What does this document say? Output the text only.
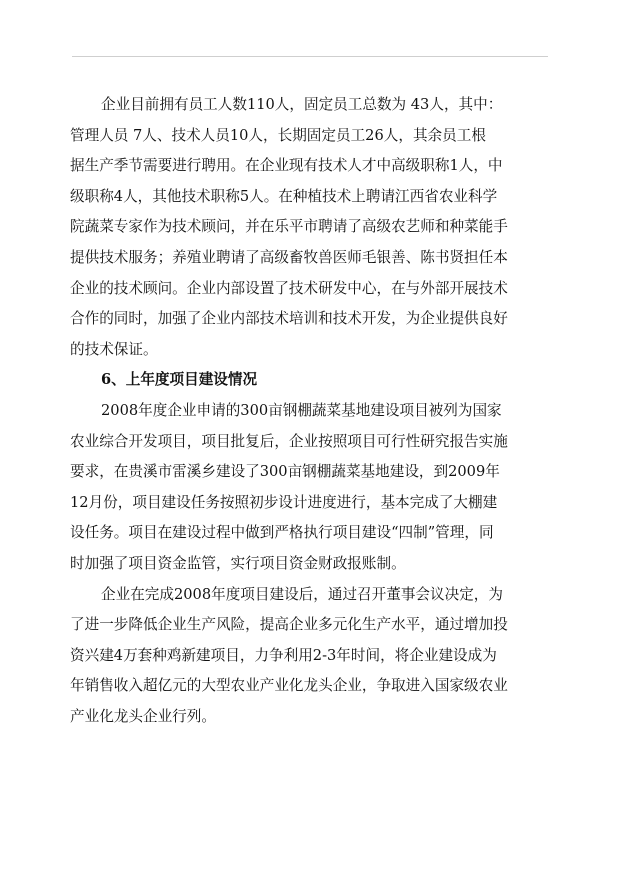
企业目前拥有员工人数110人，固定员工总数为 43人，其中：
管理人员 7人、技术人员10人，长期固定员工26人，其余员工根
据生产季节需要进行聘用。在企业现有技术人才中高级职称1人，中
级职称4人，其他技术职称5人。在种植技术上聘请江西省农业科学
院蔬菜专家作为技术顾问，并在乐平市聘请了高级农艺师和种菜能手
提供技术服务；养殖业聘请了高级畜牧兽医师毛银善、陈书贤担任本
企业的技术顾问。企业内部设置了技术研发中心，在与外部开展技术
合作的同时，加强了企业内部技术培训和技术开发，为企业提供良好
的技术保证。
6、上年度项目建设情况
2008年度企业申请的300亩钢棚蔬菜基地建设项目被列为国家
农业综合开发项目，项目批复后，企业按照项目可行性研究报告实施
要求，在贵溪市雷溪乡建设了300亩钢棚蔬菜基地建设，到2009年
12月份，项目建设任务按照初步设计进度进行，基本完成了大棚建
设任务。项目在建设过程中做到严格执行项目建设“四制”管理，同
时加强了项目资金监管，实行项目资金财政报账制。
企业在完成2008年度项目建设后，通过召开董事会议决定，为
了进一步降低企业生产风险，提高企业多元化生产水平，通过增加投
资兴建4万套种鸡新建项目，力争利用2-3年时间，将企业建设成为
年销售收入超亿元的大型农业产业化龙头企业，争取进入国家级农业
产业化龙头企业行列。
